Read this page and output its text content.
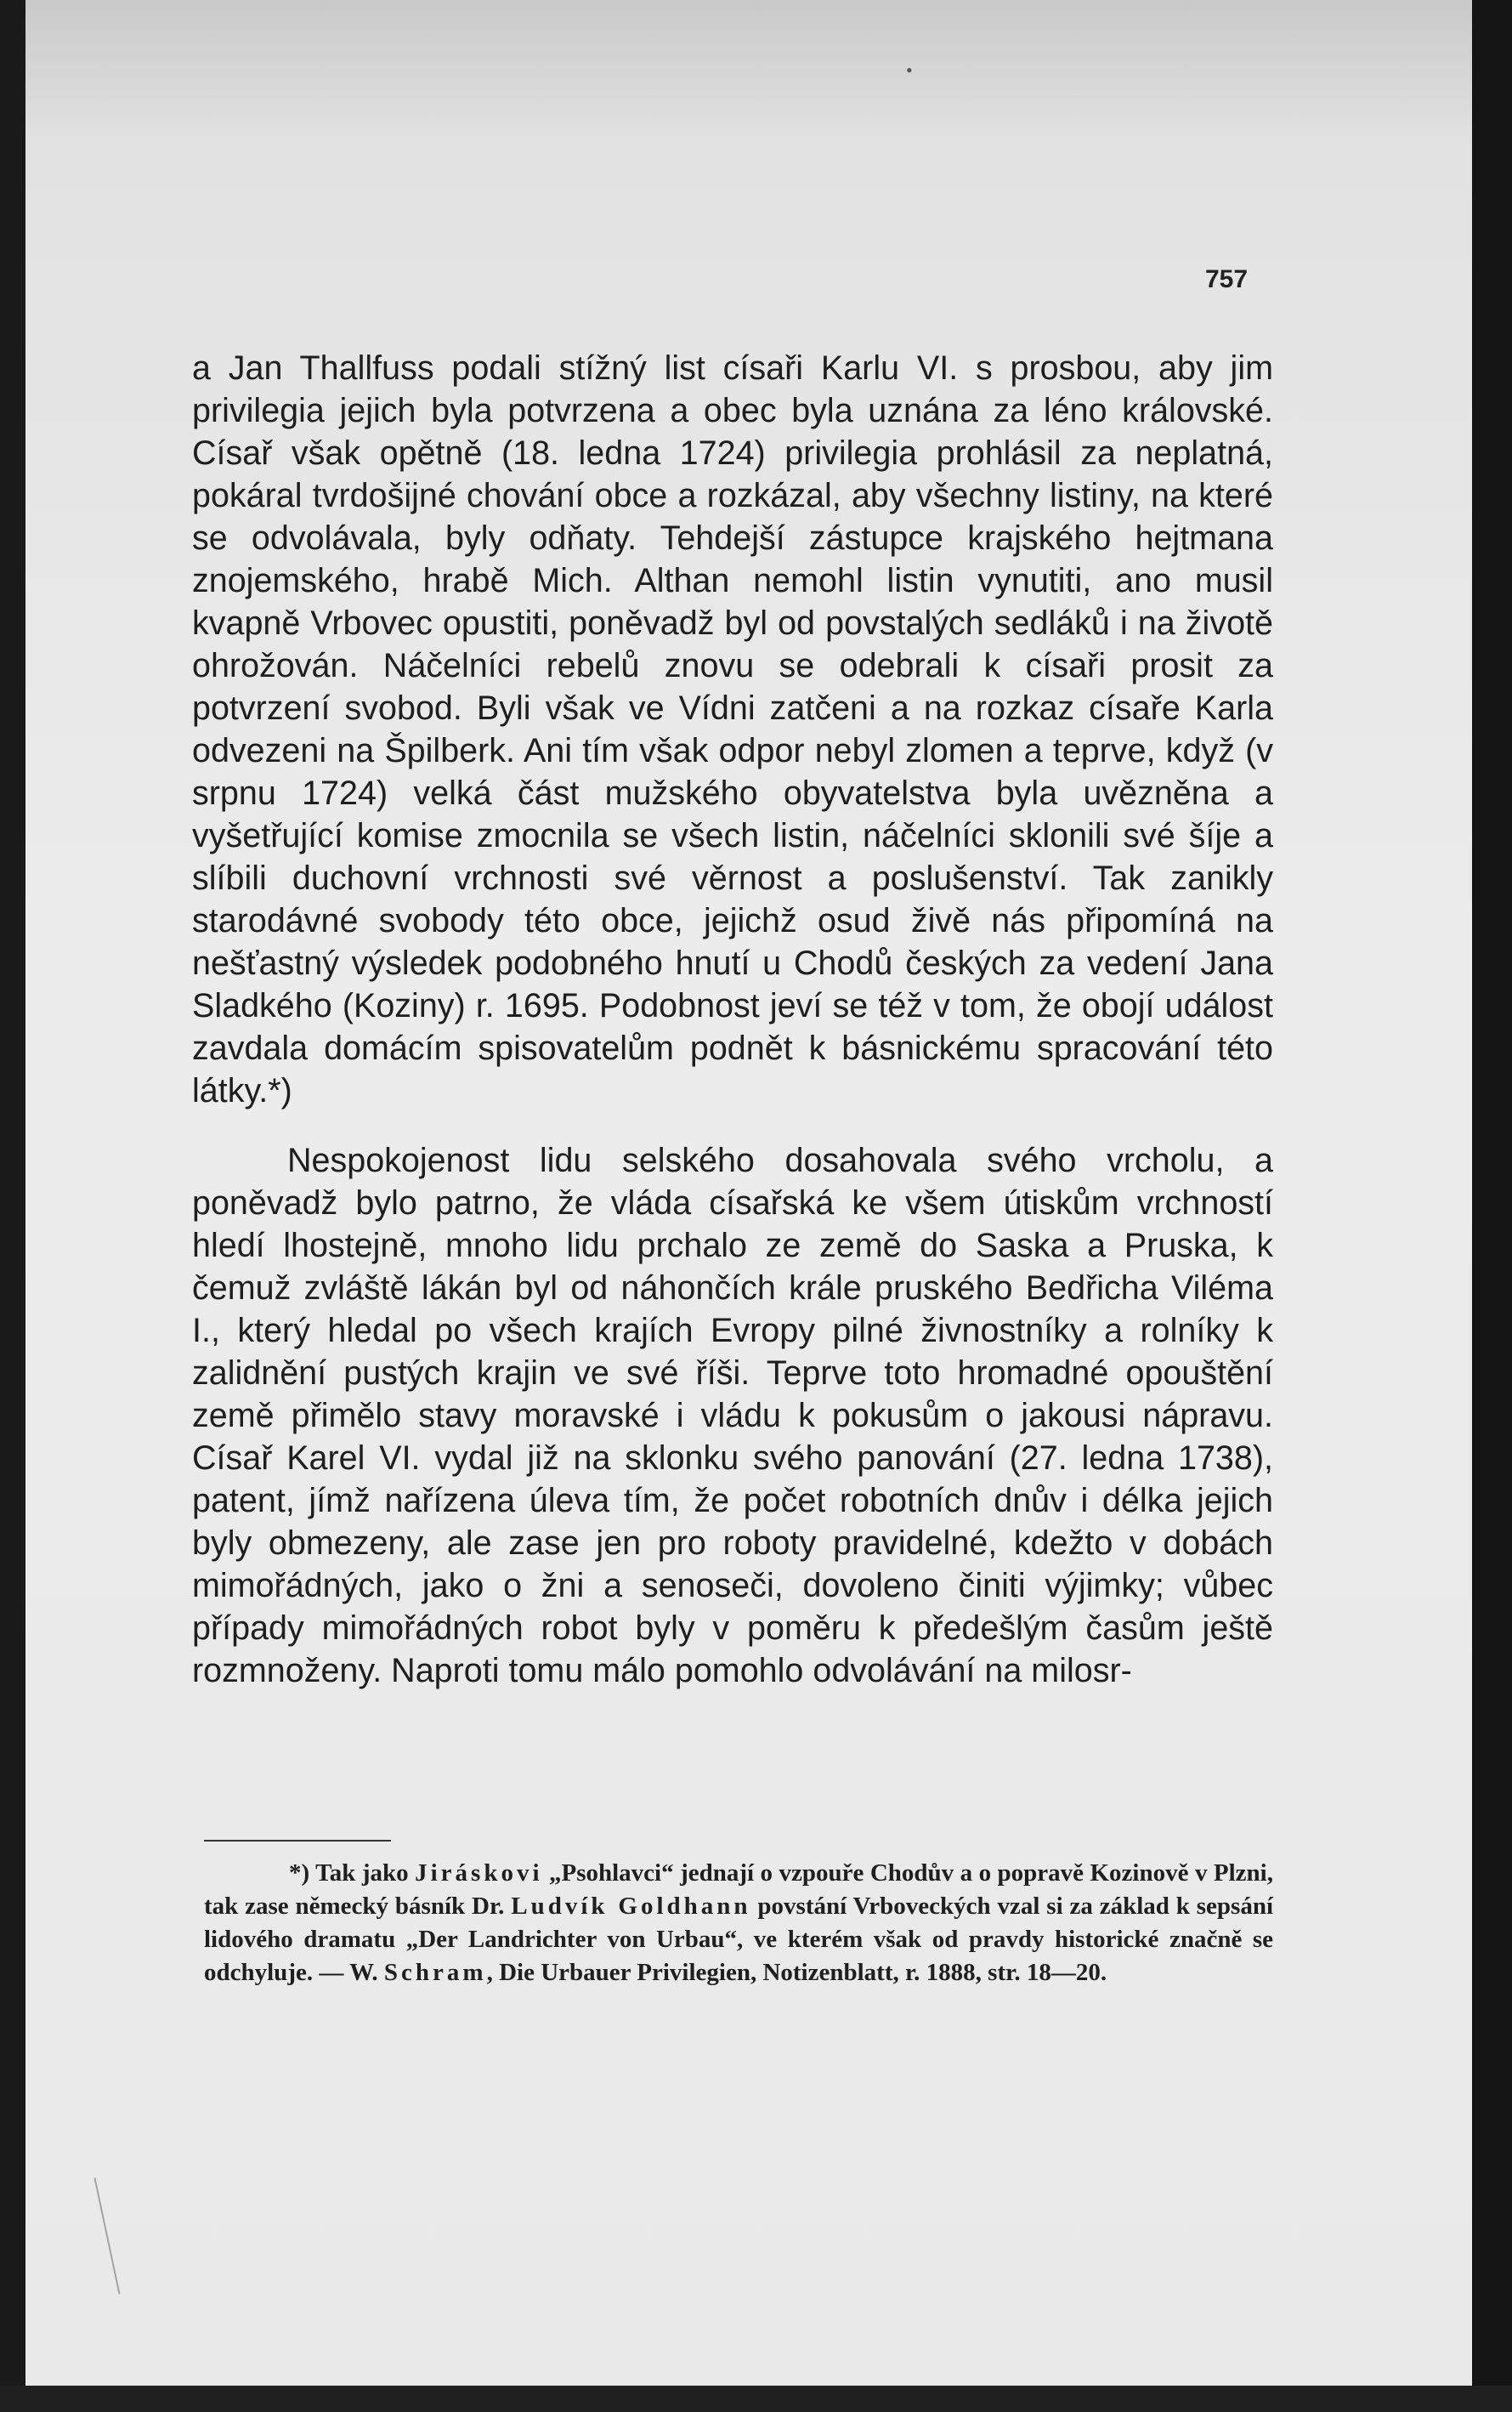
•

757

a Jan Thallfuss podali stížný list císaři Karlu VI. s prosbou, aby jim privilegia jejich byla potvrzena a obec byla uznána za léno královské. Císař však opětně (18. ledna 1724) privilegia prohlásil za neplatná, pokáral tvrdošijné chování obce a rozkázal, aby všechny listiny, na které se odvolávala, byly odňaty. Tehdejší zástupce krajského hejtmana znojemského, hrabě Mich. Althan nemohl listin vynutiti, ano musil kvapně Vrbovec opustiti, poněvadž byl od povstalých sedláků i na životě ohrožován. Náčelníci rebelů znovu se odebrali k císaři prosit za potvrzení svobod. Byli však ve Vídni zatčeni a na rozkaz císaře Karla odvezeni na Špilberk. Ani tím však odpor nebyl zlomen a teprve, když (v srpnu 1724) velká část mužského obyvatelstva byla uvězněna a vyšetřující komise zmocnila se všech listin, náčelníci sklonili své šíje a slíbili duchovní vrchnosti své věrnost a poslušenství. Tak zanikly starodávné svobody této obce, jejichž osud živě nás připomíná na nešťastný výsledek podobného hnutí u Chodů českých za vedení Jana Sladkého (Koziny) r. 1695. Podobnost jeví se též v tom, že obojí událost zavdala domácím spisovatelům podnět k básnickému spracování této látky.*)

Nespokojenost lidu selského dosahovala svého vrcholu, a poněvadž bylo patrno, že vláda císařská ke všem útiskům vrchností hledí lhostejně, mnoho lidu prchalo ze země do Saska a Pruska, k čemuž zvláště lákán byl od náhončích krále pruského Bedřicha Viléma I., který hledal po všech krajích Evropy pilné živnostníky a rolníky k zalidnění pustých krajin ve své říši. Teprve toto hromadné opouštění země přimělo stavy moravské i vládu k pokusům o jakousi nápravu. Císař Karel VI. vydal již na sklonku svého panování (27. ledna 1738), patent, jímž nařízena úleva tím, že počet robotních dnův i délka jejich byly obmezeny, ale zase jen pro roboty pravidelné, kdežto v dobách mimořádných, jako o žni a senoseči, dovoleno činiti výjimky; vůbec případy mimořádných robot byly v poměru k předešlým časům ještě rozmnoženy. Naproti tomu málo pomohlo odvolávání na milosr-

*) Tak jako Jiráskovi „Psohlavci“ jednají o vzpouře Chodův a o popravě Kozinově v Plzni, tak zase německý básník Dr. Ludvík Goldhann povstání Vrboveckých vzal si za základ k sepsání lidového dramatu „Der Landrichter von Urbau“, ve kterém však od pravdy historické značně se odchyluje. — W. Schram, Die Urbauer Privilegien, Notizenblatt, r. 1888, str. 18—20.
